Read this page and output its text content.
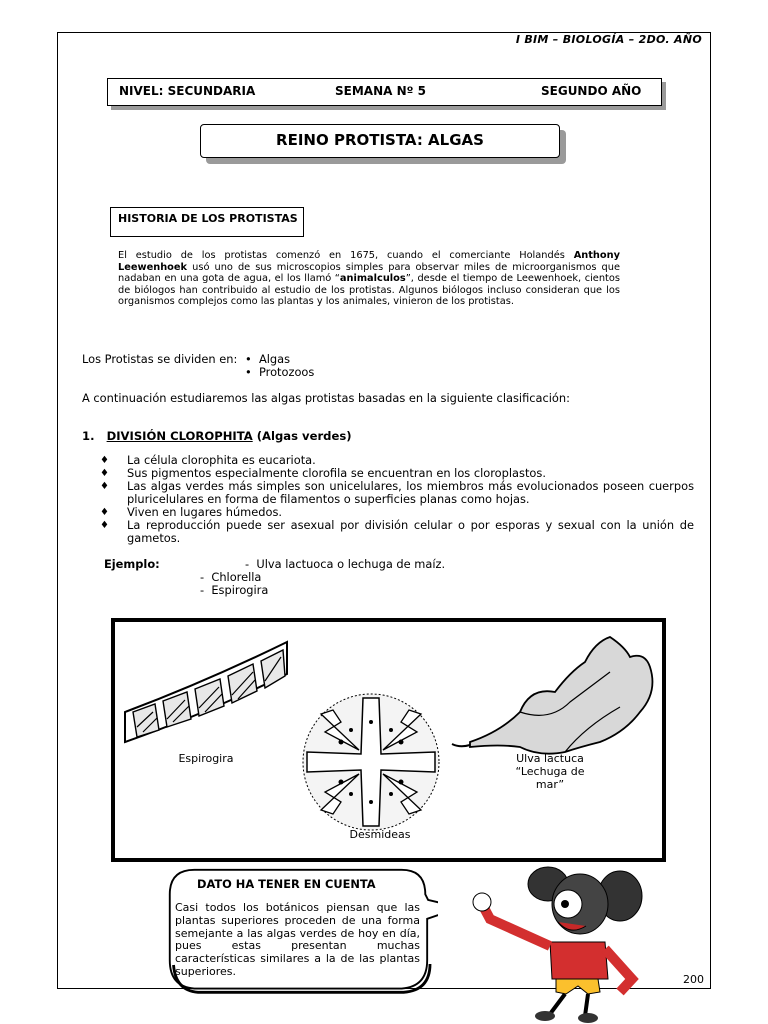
I BIM – BIOLOGÍA – 2DO. AÑO
NIVEL: SECUNDARIA	SEMANA Nº 5	SEGUNDO AÑO
REINO PROTISTA: ALGAS
HISTORIA DE LOS PROTISTAS
El estudio de los protistas comenzó en 1675, cuando el comerciante Holandés Anthony Leewenhoek usó uno de sus microscopios simples para observar miles de microorganismos que nadaban en una gota de agua, el los llamó “animalculos”, desde el tiempo de Leewenhoek, cientos de biólogos han contribuido al estudio de los protistas. Algunos biólogos incluso consideran que los organismos complejos como las plantas y los animales, vinieron de los protistas.
Los Protistas se dividen en: •  Algas
•  Protozoos
A continuación estudiaremos las algas protistas basadas en la siguiente clasificación:
1. DIVISIÓN CLOROPHITA (Algas verdes)
♦	La célula clorophita es eucariota.
♦	Sus pigmentos especialmente clorofila se encuentran en los cloroplastos.
♦	Las algas verdes más simples son unicelulares, los miembros más evolucionados poseen cuerpos pluricelulares en forma de filamentos o superficies planas como hojas.
♦	Viven en lugares húmedos.
♦	La reproducción puede ser asexual por división celular o por esporas y sexual con la unión de gametos.
Ejemplo:	-  Ulva lactuoca o lechuga de maíz.
-  Chlorella
-  Espirogira
Espirogira
Desmideas
Ulva lactuca
“Lechuga de
mar”
DATO HA TENER EN CUENTA
Casi todos los botánicos piensan que las plantas superiores proceden de una forma semejante a las algas verdes de hoy en día, pues estas presentan muchas características similares a la de las plantas superiores.
200
